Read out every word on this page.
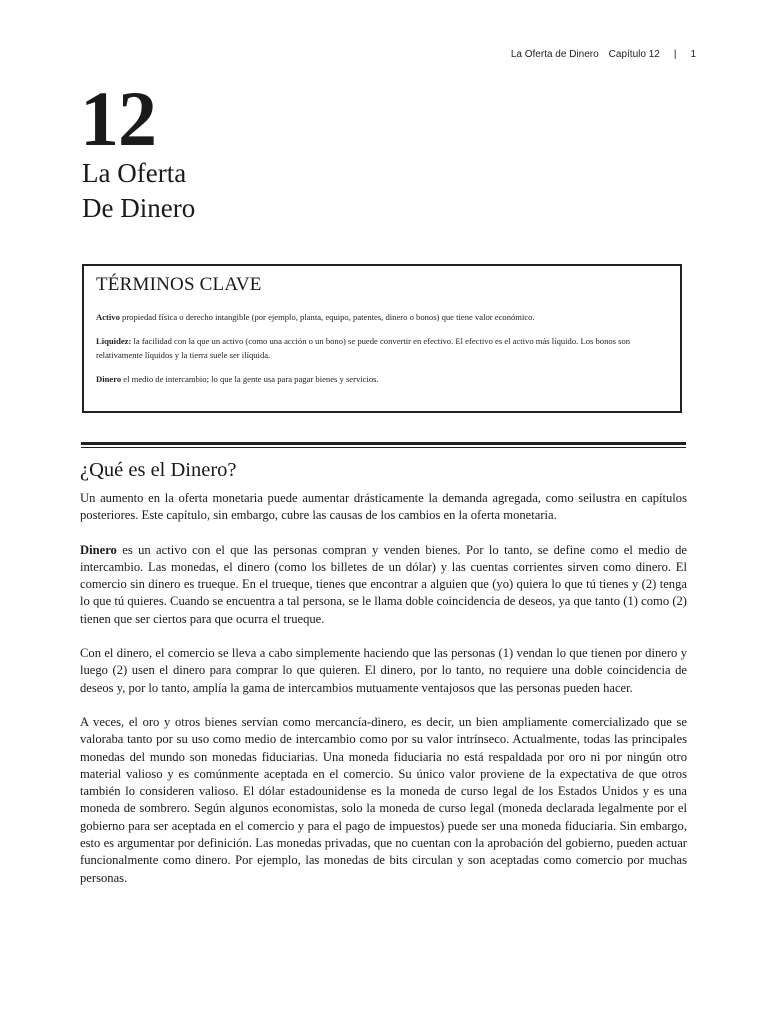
La Oferta de Dinero Capítulo 12 | 1
12
La Oferta
De Dinero
TÉRMINOS CLAVE

Activo propiedad física o derecho intangible (por ejemplo, planta, equipo, patentes, dinero o bonos) que tiene valor económico.

Liquidez: la facilidad con la que un activo (como una acción o un bono) se puede convertir en efectivo. El efectivo es el activo más líquido. Los bonos son relativamente líquidos y la tierra suele ser ilíquida.

Dinero el medio de intercambio; lo que la gente usa para pagar bienes y servicios.

¿Qué es el Dinero?

Un aumento en la oferta monetaria puede aumentar drásticamente la demanda agregada, como seilustra en capítulos posteriores. Este capítulo, sin embargo, cubre las causas de los cambios en la oferta monetaria.

Dinero es un activo con el que las personas compran y venden bienes. Por lo tanto, se define como el medio de intercambio. Las monedas, el dinero (como los billetes de un dólar) y las cuentas corrientes sirven como dinero. El comercio sin dinero es trueque. En el trueque, tienes que encontrar a alguien que (yo) quiera lo que tú tienes y (2) tenga lo que tú quieres. Cuando se encuentra a tal persona, se le llama doble coincidencia de deseos, ya que tanto (1) como (2) tienen que ser ciertos para que ocurra el trueque.

Con el dinero, el comercio se lleva a cabo simplemente haciendo que las personas (1) vendan lo que tienen por dinero y luego (2) usen el dinero para comprar lo que quieren. El dinero, por lo tanto, no requiere una doble coincidencia de deseos y, por lo tanto, amplía la gama de intercambios mutuamente ventajosos que las personas pueden hacer.

A veces, el oro y otros bienes servían como mercancía-dinero, es decir, un bien ampliamente comercializado que se valoraba tanto por su uso como medio de intercambio como por su valor intrínseco. Actualmente, todas las principales monedas del mundo son monedas fiduciarias. Una moneda fiduciaria no está respaldada por oro ni por ningún otro material valioso y es comúnmente aceptada en el comercio. Su único valor proviene de la expectativa de que otros también lo consideren valioso. El dólar estadounidense es la moneda de curso legal de los Estados Unidos y es una moneda de sombrero. Según algunos economistas, solo la moneda de curso legal (moneda declarada legalmente por el gobierno para ser aceptada en el comercio y para el pago de impuestos) puede ser una moneda fiduciaria. Sin embargo, esto es argumentar por definición. Las monedas privadas, que no cuentan con la aprobación del gobierno, pueden actuar funcionalmente como dinero. Por ejemplo, las monedas de bits circulan y son aceptadas como comercio por muchas personas.
